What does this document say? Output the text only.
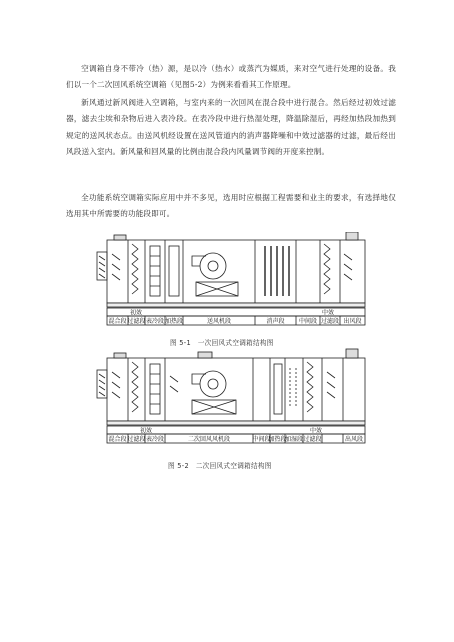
空调箱自身不带冷（热）源，是以冷（热水）或蒸汽为媒质，来对空气进行处理的设备。我们以一个二次回风系统空调箱（见图5-2）为例来看看其工作原理。
新风通过新风阀进入空调箱，与室内来的一次回风在混合段中进行混合。然后经过初效过滤器，滤去尘埃和杂物后进入表冷段。在表冷段中进行热湿处理，降温除湿后，再经加热段加热到规定的送风状态点。由送风机经设置在送风管道内的消声器降噪和中效过滤器的过滤，最后经出风段送入室内。新风量和回风量的比例由混合段内风量调节阀的开度来控制。
全功能系统空调箱实际应用中并不多见，选用时应根据工程需要和业主的要求，有选择地仅选用其中所需要的功能段即可。
初效	中效
混合段 过滤段 表冷段 加热段	送风机段	消声段 中间段 过滤段 出风段
图 5-1　一次回风式空调箱结构图
初效	中效
混合段 过滤段 表冷段	二次回风风机段	中间段
加热段
加湿段 过滤段	出风段
图 5-2　二次回风式空调箱结构图
